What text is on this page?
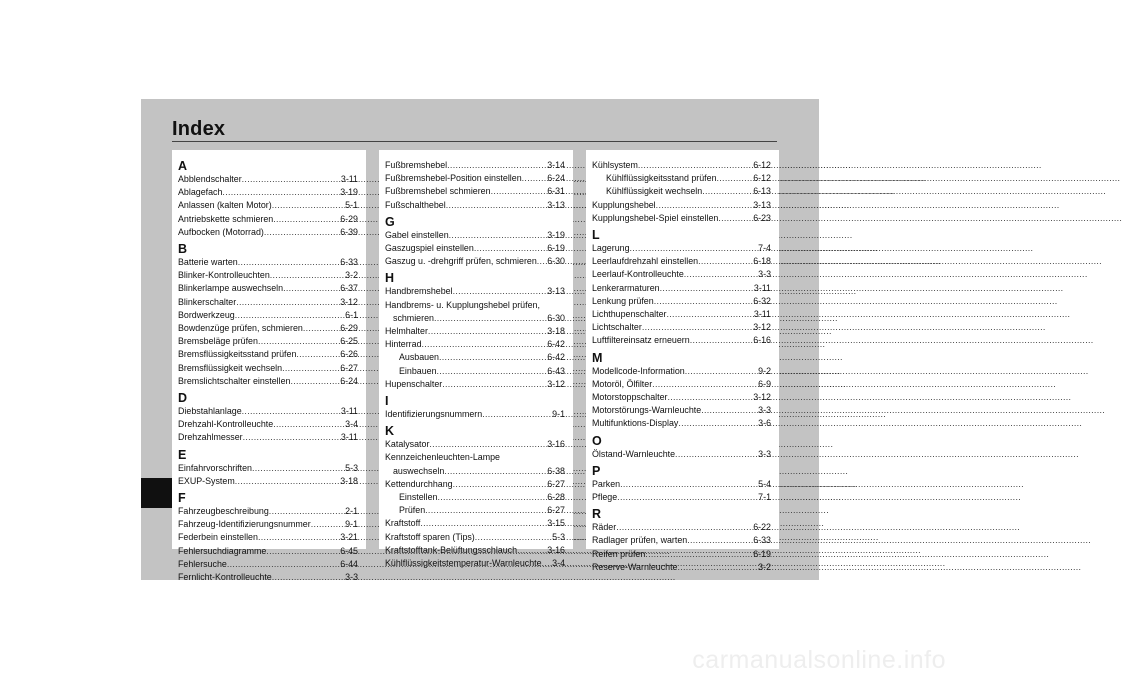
Index
A
Abblendschalter .....	3-11
Ablagefach .....	3-19
Anlassen (kalten Motor) .....	5-1
Antriebskette schmieren .....	6-29
Aufbocken (Motorrad) .....	6-39
B
Batterie warten .....	6-33
Blinker-Kontrolleuchten .....	3-2
Blinkerlampe auswechseln .....	6-37
Blinkerschalter .....	3-12
Bordwerkzeug .....	6-1
Bowdenzüge prüfen, schmieren .....	6-29
Bremsbeläge prüfen .....	6-25
Bremsflüssigkeitsstand prüfen .....	6-26
Bremsflüssigkeit wechseln .....	6-27
Bremslichtschalter einstellen .....	6-24
D
Diebstahlanlage .....	3-11
Drehzahl-Kontrolleuchte .....	3-4
Drehzahlmesser .....	3-11
E
Einfahrvorschriften .....	5-3
EXUP-System .....	3-18
F
Fahrzeugbeschreibung .....	2-1
Fahrzeug-Identifizierungsnummer .....	9-1
Federbein einstellen .....	3-21
Fehlersuchdiagramme .....	6-45
Fehlersuche .....	6-44
Fernlicht-Kontrolleuchte .....	3-3
Fußbremshebel .....	3-14
Fußbremshebel-Position einstellen .....	6-24
Fußbremshebel schmieren .....	6-31
Fußschalthebel .....	3-13
G
Gabel einstellen .....	3-19
Gaszugspiel einstellen .....	6-19
Gaszug u. -drehgriff prüfen, schmieren ..... 6-30
H
Handbremshebel .....	3-13
Handbrems- u. Kupplungshebel prüfen,
schmieren .....	6-30
Helmhalter .....	3-18
Hinterrad .....	6-42
Ausbauen .....	6-42
Einbauen .....	6-43
Hupenschalter .....	3-12
I
Identifizierungsnummern .....	9-1
K
Katalysator .....	3-16
Kennzeichenleuchten-Lampe
auswechseln .....	6-38
Kettendurchhang .....	6-27
Einstellen .....	6-28
Prüfen .....	6-27
Kraftstoff .....	3-15
Kraftstoff sparen (Tips) .....	5-3
Kraftstofftank-Belüftungsschlauch .....	3-16
Kühlflüssigkeitstemperatur-Warnleuchte ..... 3-4
Kühlsystem .....	6-12
Kühlflüssigkeitsstand prüfen .....	6-12
Kühlflüssigkeit wechseln .....	6-13
Kupplungshebel .....	3-13
Kupplungshebel-Spiel einstellen .....	6-23
L
Lagerung .....	7-4
Leerlaufdrehzahl einstellen .....	6-18
Leerlauf-Kontrolleuchte .....	3-3
Lenkerarmaturen .....	3-11
Lenkung prüfen .....	6-32
Lichthupenschalter .....	3-11
Lichtschalter .....	3-12
Luftfiltereinsatz erneuern .....	6-16
M
Modellcode-Information .....	9-2
Motoröl, Ölfilter .....	6-9
Motorstoppschalter .....	3-12
Motorstörungs-Warnleuchte .....	3-3
Multifunktions-Display .....	3-6
O
Ölstand-Warnleuchte .....	3-3
P
Parken .....	5-4
Pflege .....	7-1
R
Räder .....	6-22
Radlager prüfen, warten .....	6-33
Reifen prüfen .....	6-19
Reserve-Warnleuchte .....	3-2
carmanualsonline.info
